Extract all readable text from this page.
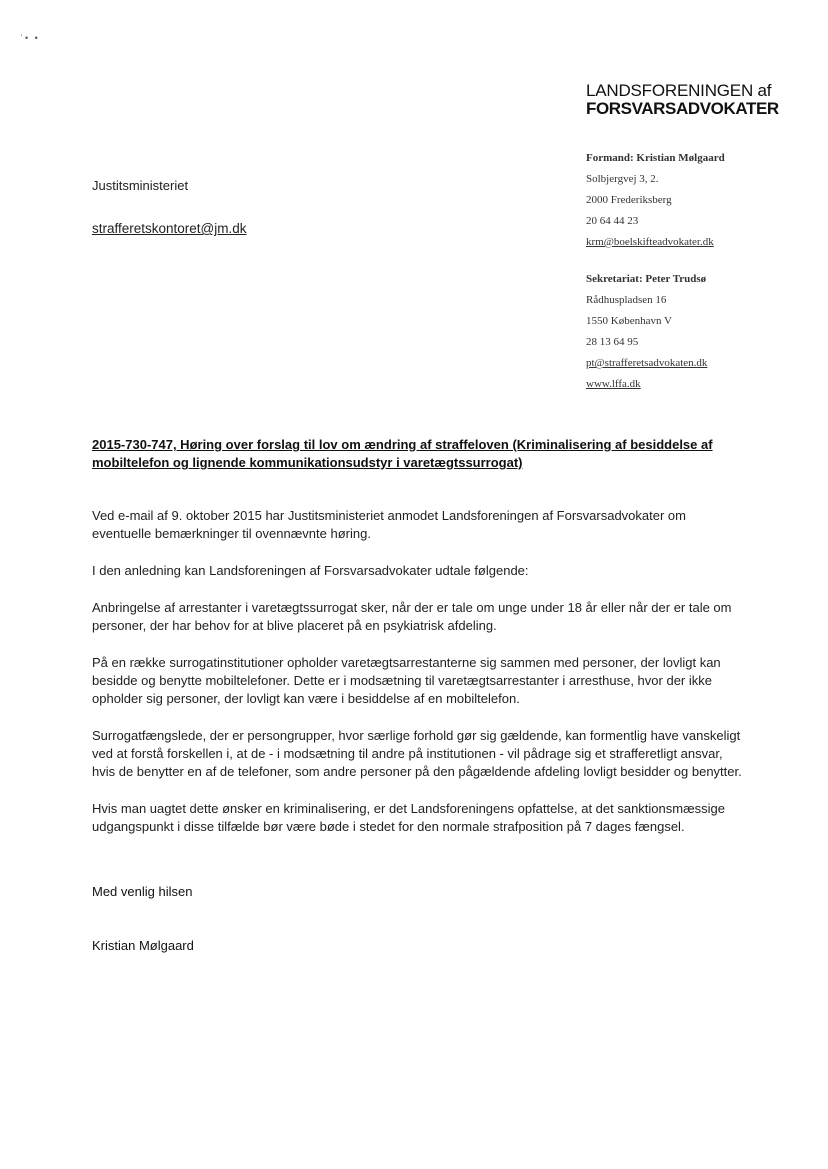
ʿ• •
LANDSFORENINGEN af
FORSVARSADVOKATER
Formand: Kristian Mølgaard
Solbjergvej 3, 2.
2000 Frederiksberg
20 64 44 23
krm@boelskifteadvokater.dk
Sekretariat: Peter Trudsø
Rådhuspladsen 16
1550 København V
28 13 64 95
pt@strafferetsadvokaten.dk
www.lffa.dk
Justitsministeriet
strafferetskontoret@jm.dk
2015-730-747, Høring over forslag til lov om ændring af straffeloven (Kriminalisering af besiddelse af mobiltelefon og lignende kommunikationsudstyr i varetægtssurrogat)

Ved e-mail af 9. oktober 2015 har Justitsministeriet anmodet Landsforeningen af Forsvarsadvokater om eventuelle bemærkninger til ovennævnte høring.

I den anledning kan Landsforeningen af Forsvarsadvokater udtale følgende:

Anbringelse af arrestanter i varetægtssurrogat sker, når der er tale om unge under 18 år eller når der er tale om personer, der har behov for at blive placeret på en psykiatrisk afdeling.

På en række surrogatinstitutioner opholder varetægtsarrestanterne sig sammen med personer, der lovligt kan besidde og benytte mobiltelefoner. Dette er i modsætning til varetægtsarrestanter i arresthuse, hvor der ikke opholder sig personer, der lovligt kan være i besiddelse af en mobiltelefon.

Surrogatfængslede, der er persongrupper, hvor særlige forhold gør sig gældende, kan formentlig have vanskeligt ved at forstå forskellen i, at de - i modsætning til andre på institutionen - vil pådrage sig et strafferetligt ansvar, hvis de benytter en af de telefoner, som andre personer på den pågældende afdeling lovligt besidder og benytter.

Hvis man uagtet dette ønsker en kriminalisering, er det Landsforeningens opfattelse, at det sanktionsmæssige udgangspunkt i disse tilfælde bør være bøde i stedet for den normale strafposition på 7 dages fængsel.

Med venlig hilsen
Kristian Mølgaard
